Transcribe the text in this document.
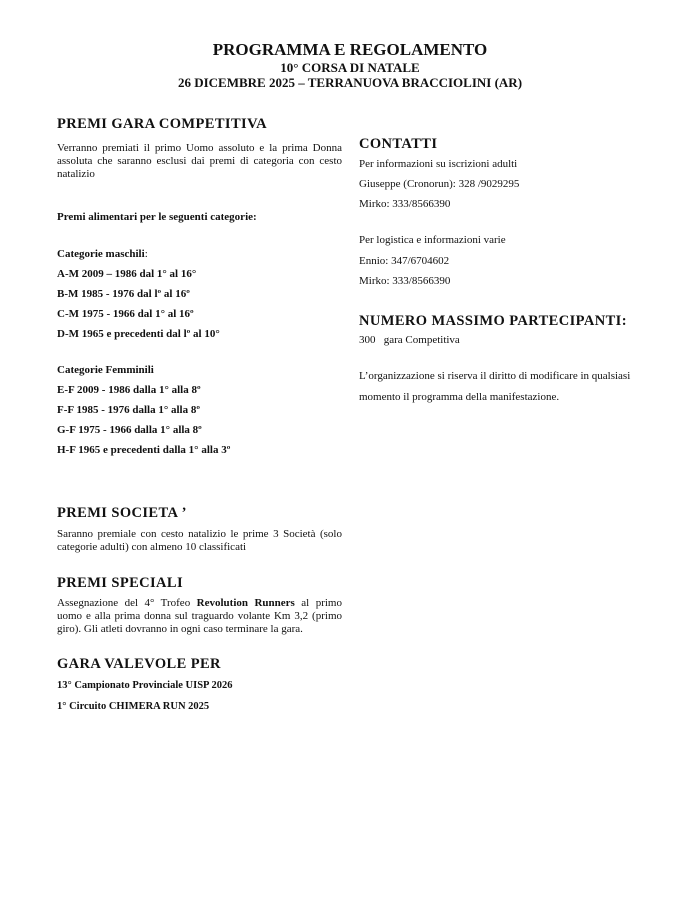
PROGRAMMA E REGOLAMENTO
10° CORSA DI NATALE
26 DICEMBRE 2025 – TERRANUOVA BRACCIOLINI (AR)
PREMI GARA COMPETITIVA

Verranno premiati il primo Uomo assoluto e la prima Donna assoluta che saranno esclusi dai premi di categoria con cesto natalizio

Premi alimentari per le seguenti categorie:

Categorie maschili:

A-M 2009 – 1986 dal 1° al 16°

B-M 1985 - 1976 dal lº al 16º

C-M 1975 - 1966 dal 1° al 16º

D-M 1965 e precedenti dal lº al 10°

Categorie Femminili

E-F 2009 - 1986 dalla 1° alla 8º

F-F 1985 - 1976 dalla 1° alla 8º

G-F 1975 - 1966 dalla 1° alla 8º

H-F 1965 e precedenti dalla 1° alla 3º

PREMI SOCIETA ’

Saranno premiale con cesto natalizio le prime 3 Società (solo categorie adulti) con almeno 10 classificati

PREMI SPECIALI

Assegnazione del 4° Trofeo Revolution Runners al primo uomo e alla prima donna sul traguardo volante Km 3,2 (primo giro). Gli atleti dovranno in ogni caso terminare la gara.

GARA VALEVOLE PER

13° Campionato Provinciale UISP 2026

1° Circuito CHIMERA RUN 2025

CONTATTI

Per informazioni su iscrizioni adulti

Giuseppe (Cronorun): 328 /9029295

Mirko: 333/8566390

Per logistica e informazioni varie

Ennio: 347/6704602

Mirko: 333/8566390

NUMERO MASSIMO PARTECIPANTI:

300   gara Competitiva

L’organizzazione si riserva il diritto di modificare in qualsiasi

momento il programma della manifestazione.
